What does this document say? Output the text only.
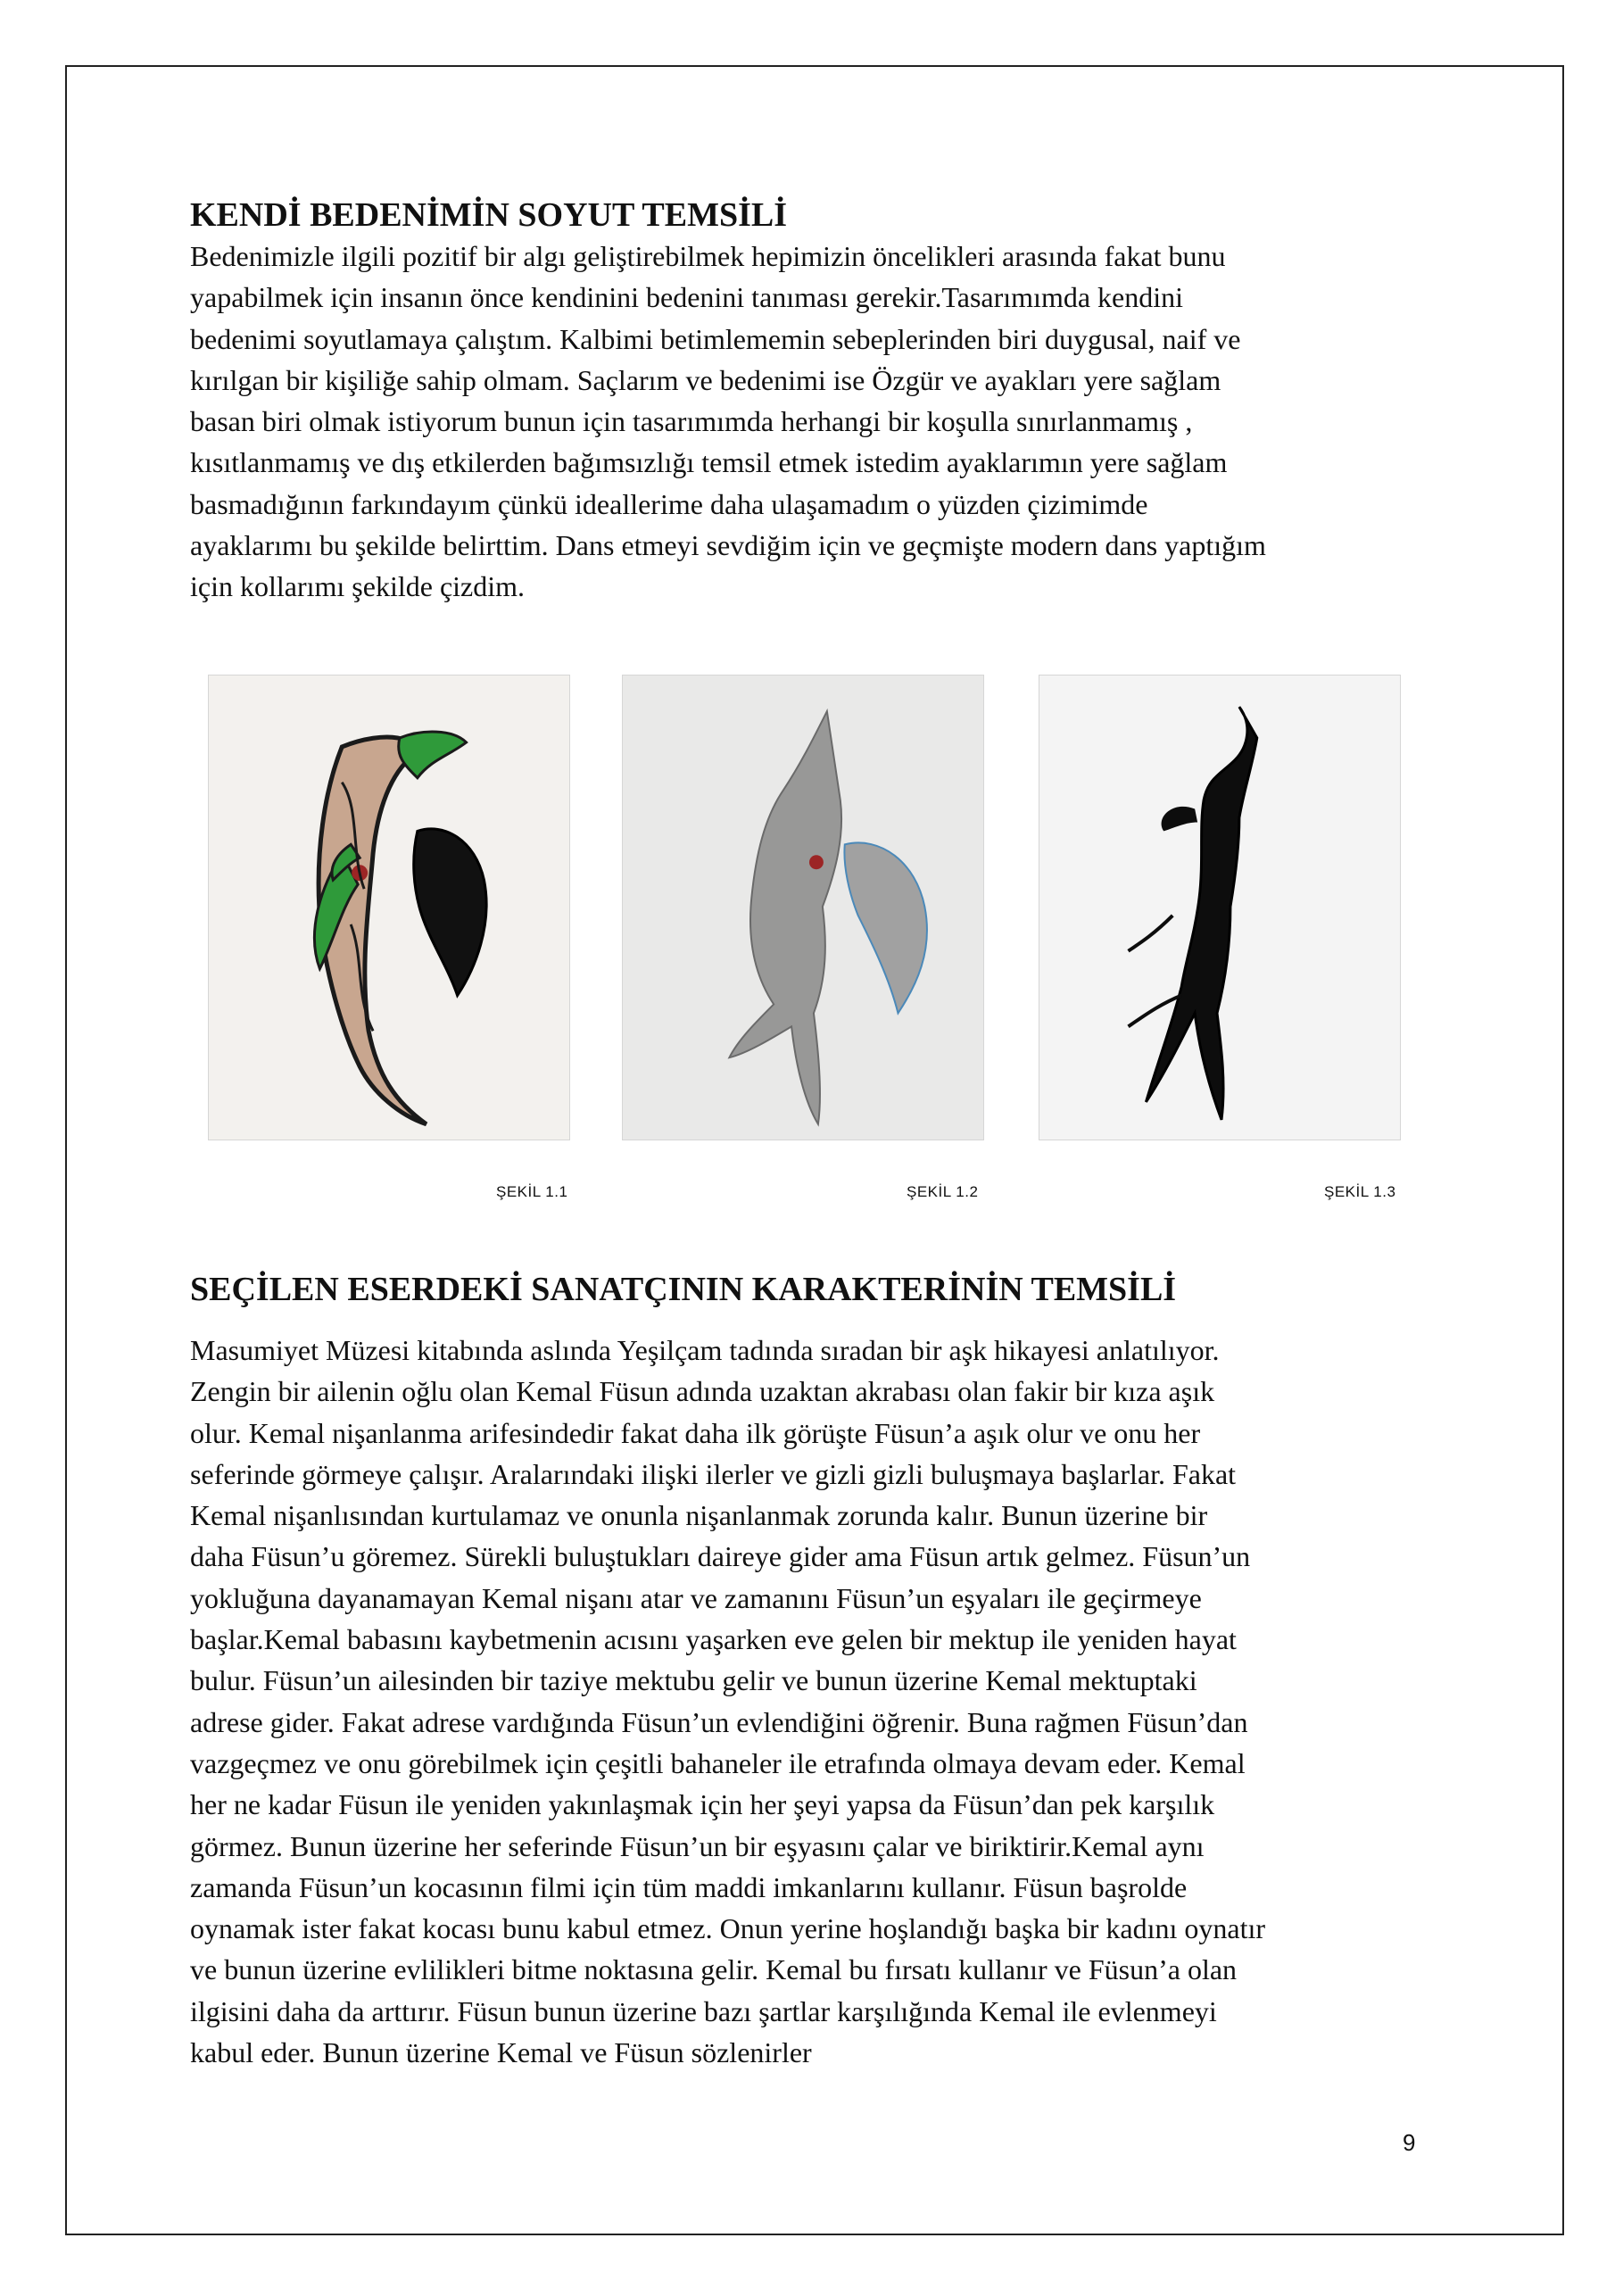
KENDİ BEDENİMİN SOYUT TEMSİLİ

Bedenimizle ilgili pozitif bir algı geliştirebilmek hepimizin öncelikleri arasında fakat bunu
yapabilmek için insanın önce kendinini bedenini tanıması gerekir.Tasarımımda kendini
bedenimi soyutlamaya çalıştım. Kalbimi betimlememin sebeplerinden biri duygusal, naif ve
kırılgan bir kişiliğe sahip olmam. Saçlarım ve bedenimi ise Özgür ve ayakları yere sağlam
basan biri olmak istiyorum bunun için tasarımımda herhangi bir koşulla sınırlanmamış ,
kısıtlanmamış ve dış etkilerden bağımsızlığı temsil etmek istedim ayaklarımın yere sağlam
basmadığının farkındayım çünkü ideallerime daha ulaşamadım o yüzden çizimimde
ayaklarımı bu şekilde belirttim. Dans etmeyi sevdiğim için ve geçmişte modern dans yaptığım
için kollarımı şekilde çizdim.

ŞEKİL 1.1	ŞEKİL 1.2	ŞEKİL 1.3
SEÇİLEN ESERDEKİ SANATÇININ KARAKTERİNİN TEMSİLİ

Masumiyet Müzesi kitabında aslında Yeşilçam tadında sıradan bir aşk hikayesi anlatılıyor.
Zengin bir ailenin oğlu olan Kemal Füsun adında uzaktan akrabası olan fakir bir kıza aşık
olur. Kemal nişanlanma arifesindedir fakat daha ilk görüşte Füsun’a aşık olur ve onu her
seferinde görmeye çalışır. Aralarındaki ilişki ilerler ve gizli gizli buluşmaya başlarlar. Fakat
Kemal nişanlısından kurtulamaz ve onunla nişanlanmak zorunda kalır. Bunun üzerine bir
daha Füsun’u göremez. Sürekli buluştukları daireye gider ama Füsun artık gelmez. Füsun’un
yokluğuna dayanamayan Kemal nişanı atar ve zamanını Füsun’un eşyaları ile geçirmeye
başlar.Kemal babasını kaybetmenin acısını yaşarken eve gelen bir mektup ile yeniden hayat
bulur. Füsun’un ailesinden bir taziye mektubu gelir ve bunun üzerine Kemal mektuptaki
adrese gider. Fakat adrese vardığında Füsun’un evlendiğini öğrenir. Buna rağmen Füsun’dan
vazgeçmez ve onu görebilmek için çeşitli bahaneler ile etrafında olmaya devam eder. Kemal
her ne kadar Füsun ile yeniden yakınlaşmak için her şeyi yapsa da Füsun’dan pek karşılık
görmez. Bunun üzerine her seferinde Füsun’un bir eşyasını çalar ve biriktirir.Kemal aynı
zamanda Füsun’un kocasının filmi için tüm maddi imkanlarını kullanır. Füsun başrolde
oynamak ister fakat kocası bunu kabul etmez. Onun yerine hoşlandığı başka bir kadını oynatır
ve bunun üzerine evlilikleri bitme noktasına gelir. Kemal bu fırsatı kullanır ve Füsun’a olan
ilgisini daha da arttırır. Füsun bunun üzerine bazı şartlar karşılığında Kemal ile evlenmeyi
kabul eder. Bunun üzerine Kemal ve Füsun sözlenirler

9
